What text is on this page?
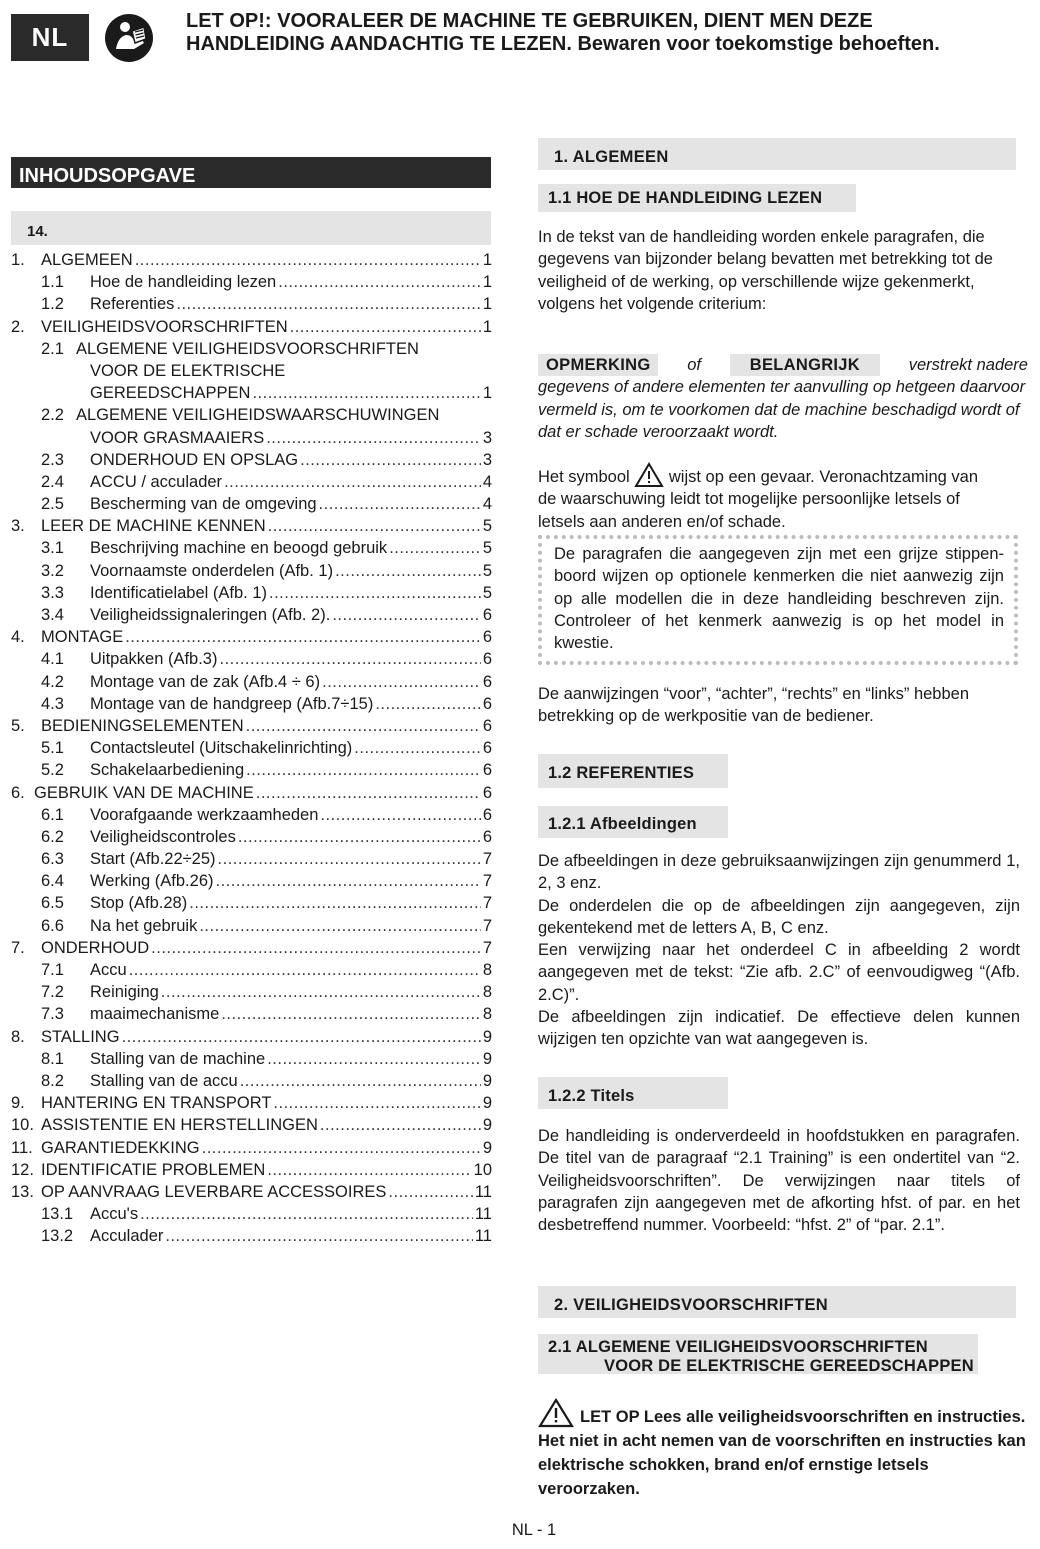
NL
LET OP!: VOORALEER DE MACHINE TE GEBRUIKEN, DIENT MEN DEZE
HANDLEIDING AANDACHTIG TE LEZEN. Bewaren voor toekomstige behoeften.
INHOUDSOPGAVE
14.
1. ALGEMEEN .....	1
1.1 Hoe de handleiding lezen .....	1
1.2 Referenties .....	1
2. VEILIGHEIDSVOORSCHRIFTEN .....	1
2.1 ALGEMENE VEILIGHEIDSVOORSCHRIFTEN
VOOR DE ELEKTRISCHE
GEREEDSCHAPPEN .....	1
2.2 ALGEMENE VEILIGHEIDSWAARSCHUWINGEN
VOOR GRASMAAIERS .....	3
2.3 ONDERHOUD EN OPSLAG .....	3
2.4 ACCU / acculader .....	4
2.5 Bescherming van de omgeving .....	4
3. LEER DE MACHINE KENNEN .....	5
3.1 Beschrijving machine en beoogd gebruik .....	5
3.2 Voornaamste onderdelen (Afb. 1) .....	5
3.3 Identificatielabel (Afb. 1) .....	5
3.4 Veiligheidssignaleringen (Afb. 2). .....	6
4. MONTAGE .....	6
4.1 Uitpakken (Afb.3) .....	6
4.2 Montage van de zak (Afb.4 ÷ 6) .....	6
4.3 Montage van de handgreep (Afb.7÷15) .....	6
5. BEDIENINGSELEMENTEN .....	6
5.1 Contactsleutel (Uitschakelinrichting) .....	6
5.2 Schakelaarbediening .....	6
6. GEBRUIK VAN DE MACHINE .....	6
6.1 Voorafgaande werkzaamheden .....	6
6.2 Veiligheidscontroles .....	6
6.3 Start (Afb.22÷25) .....	7
6.4 Werking (Afb.26) .....	7
6.5 Stop (Afb.28) .....	7
6.6 Na het gebruik .....	7
7. ONDERHOUD .....	7
7.1 Accu .....	8
7.2 Reiniging .....	8
7.3 maaimechanisme .....	8
8. STALLING .....	9
8.1 Stalling van de machine .....	9
8.2 Stalling van de accu .....	9
9. HANTERING EN TRANSPORT .....	9
10. ASSISTENTIE EN HERSTELLINGEN .....	9
11. GARANTIEDEKKING .....	9
12. IDENTIFICATIE PROBLEMEN .....	10
13. OP AANVRAAG LEVERBARE ACCESSOIRES .....	11
13.1 Accu's .....	11
13.2 Acculader .....	11
1. ALGEMEEN
1.1 HOE DE HANDLEIDING LEZEN
In de tekst van de handleiding worden enkele paragrafen, die gegevens van bijzonder belang bevatten met betrekking tot de veiligheid of de werking, op verschillende wijze gekenmerkt, volgens het volgende criterium:
OPMERKING	of	BELANGRIJK	verstrekt nadere
gegevens of andere elementen ter aanvulling op hetgeen daarvoor vermeld is, om te voorkomen dat de machine beschadigd wordt of dat er schade veroorzaakt wordt.
Het symbool wijst op een gevaar. Veronachtzaming van de waarschuwing leidt tot mogelijke persoonlijke letsels of letsels aan anderen en/of schade.
De paragrafen die aangegeven zijn met een grijze stippen-boord wijzen op optionele kenmerken die niet aanwezig zijn op alle modellen die in deze handleiding beschreven zijn. Controleer of het kenmerk aanwezig is op het model in kwestie.
De aanwijzingen “voor”, “achter”, “rechts” en “links” hebben betrekking op de werkpositie van de bediener.
1.2 REFERENTIES
1.2.1 Afbeeldingen
De afbeeldingen in deze gebruiksaanwijzingen zijn genummerd 1, 2, 3 enz.
De onderdelen die op de afbeeldingen zijn aangegeven, zijn gekentekend met de letters A, B, C enz.
Een verwijzing naar het onderdeel C in afbeelding 2 wordt aangegeven met de tekst: “Zie afb. 2.C” of eenvoudigweg “(Afb. 2.C)”.
De afbeeldingen zijn indicatief. De effectieve delen kunnen wijzigen ten opzichte van wat aangegeven is.
1.2.2 Titels
De handleiding is onderverdeeld in hoofdstukken en paragrafen. De titel van de paragraaf “2.1 Training” is een ondertitel van “2. Veiligheidsvoorschriften”. De verwijzingen naar titels of paragrafen zijn aangegeven met de afkorting hfst. of par. en het desbetreffend nummer. Voorbeeld: “hfst. 2” of “par. 2.1”.
2. VEILIGHEIDSVOORSCHRIFTEN
2.1 ALGEMENE VEILIGHEIDSVOORSCHRIFTEN
VOOR DE ELEKTRISCHE GEREEDSCHAPPEN
LET OP Lees alle veiligheidsvoorschriften en instructies. Het niet in acht nemen van de voorschriften en instructies kan elektrische schokken, brand en/of ernstige letsels veroorzaken.
NL - 1
